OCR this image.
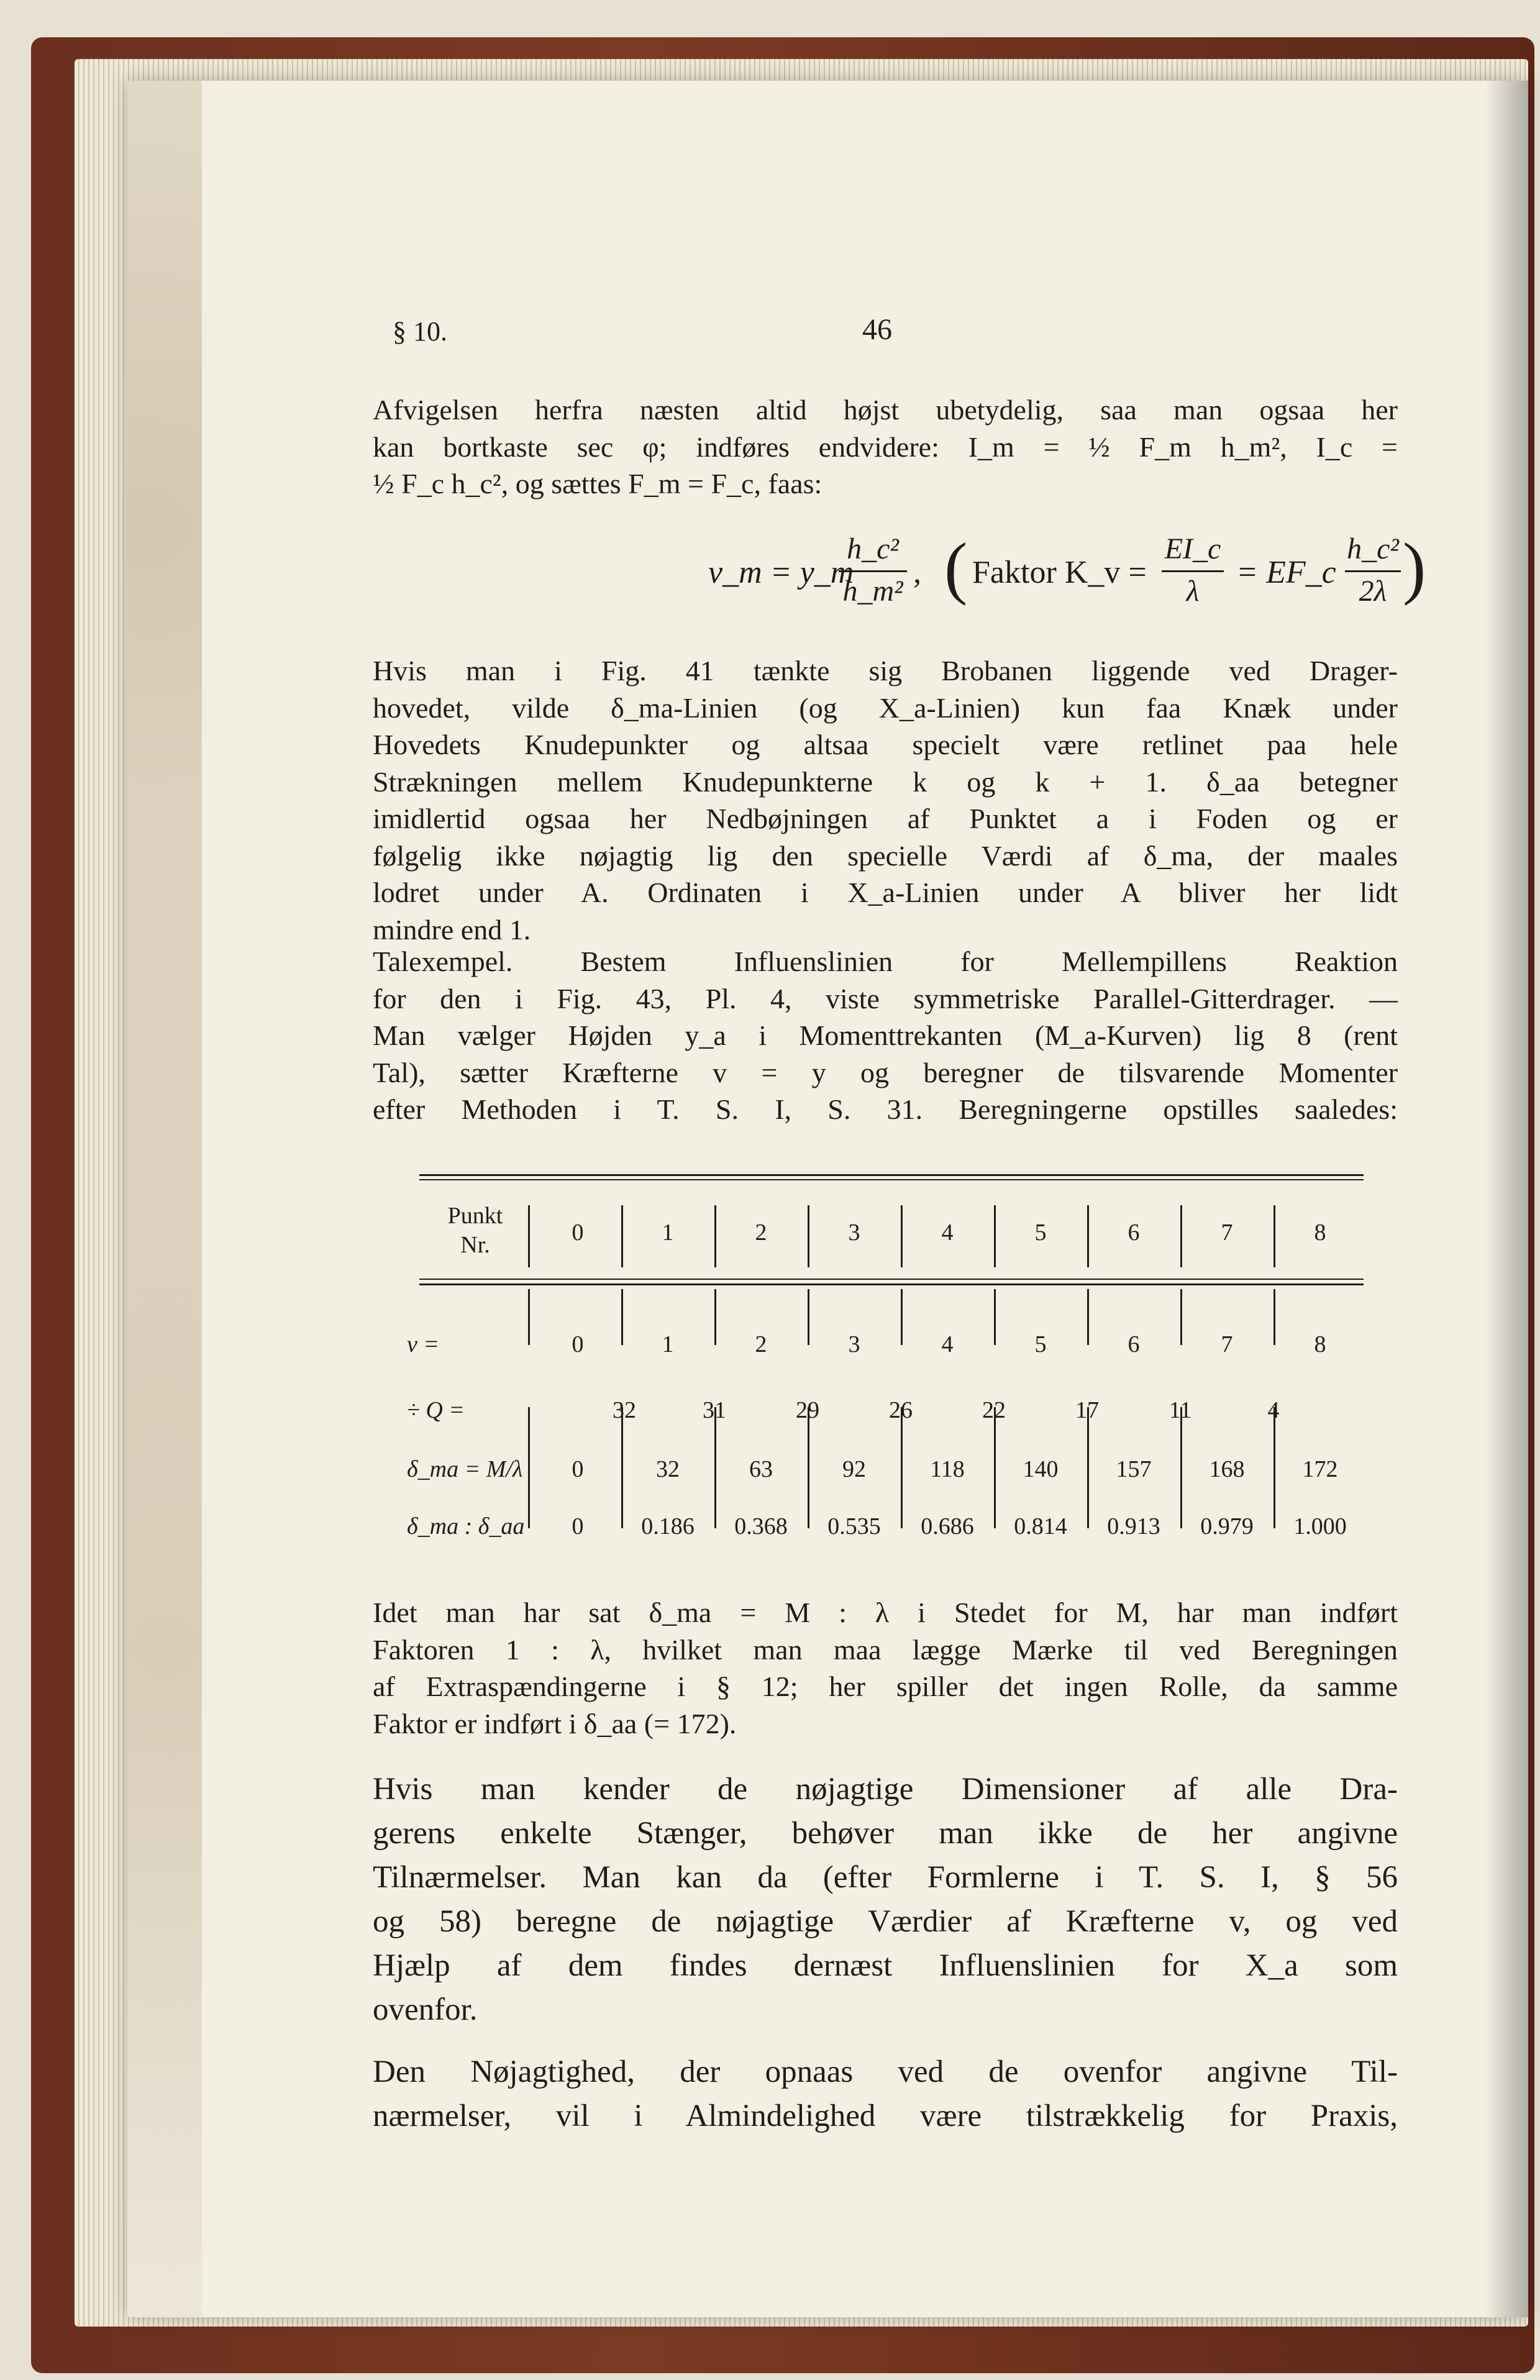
§ 10.	46
Afvigelsen herfra næsten altid højst ubetydelig, saa man ogsaa her
kan bortkaste sec φ; indføres endvidere: I_m = ½ F_m h_m², I_c =
½ F_c h_c², og sættes F_m = F_c, faas:
v_m = y_m
h_c²
h_m²
, ( Faktor K_v =
EI_c
λ
= EF_c
h_c²
2λ )
Hvis man i Fig. 41 tænkte sig Brobanen liggende ved Drager-
hovedet, vilde δ_ma-Linien (og X_a-Linien) kun faa Knæk under
Hovedets Knudepunkter og altsaa specielt være retlinet paa hele
Strækningen mellem Knudepunkterne k og k + 1. δ_aa betegner
imidlertid ogsaa her Nedbøjningen af Punktet a i Foden og er
følgelig ikke nøjagtig lig den specielle Værdi af δ_ma, der maales
lodret under A. Ordinaten i X_a-Linien under A bliver her lidt
mindre end 1.
Talexempel. Bestem Influenslinien for Mellempillens Reaktion
for den i Fig. 43, Pl. 4, viste symmetriske Parallel-Gitterdrager. —
Man vælger Højden y_a i Momenttrekanten (M_a-Kurven) lig 8 (rent
Tal), sætter Kræfterne v = y og beregner de tilsvarende Momenter
efter Methoden i T. S. I, S. 31. Beregningerne opstilles saaledes:
Punkt
Nr.	0	1	2	3	4	5	6	7	8
v =	0	1	2	3	4	5	6	7	8
÷ Q =	32	31	29	26	22	17	11	4
δ_ma = M/λ	0	32	63	92	118	140	157	168	172
δ_ma : δ_aa	0	0.186	0.368	0.535	0.686	0.814	0.913	0.979	1.000
Idet man har sat δ_ma = M : λ i Stedet for M, har man indført
Faktoren 1 : λ, hvilket man maa lægge Mærke til ved Beregningen
af Extraspændingerne i § 12; her spiller det ingen Rolle, da samme
Faktor er indført i δ_aa (= 172).
Hvis man kender de nøjagtige Dimensioner af alle Dra-
gerens enkelte Stænger, behøver man ikke de her angivne
Tilnærmelser. Man kan da (efter Formlerne i T. S. I, § 56
og 58) beregne de nøjagtige Værdier af Kræfterne v, og ved
Hjælp af dem findes dernæst Influenslinien for X_a som
ovenfor.
Den Nøjagtighed, der opnaas ved de ovenfor angivne Til-
nærmelser, vil i Almindelighed være tilstrækkelig for Praxis,
